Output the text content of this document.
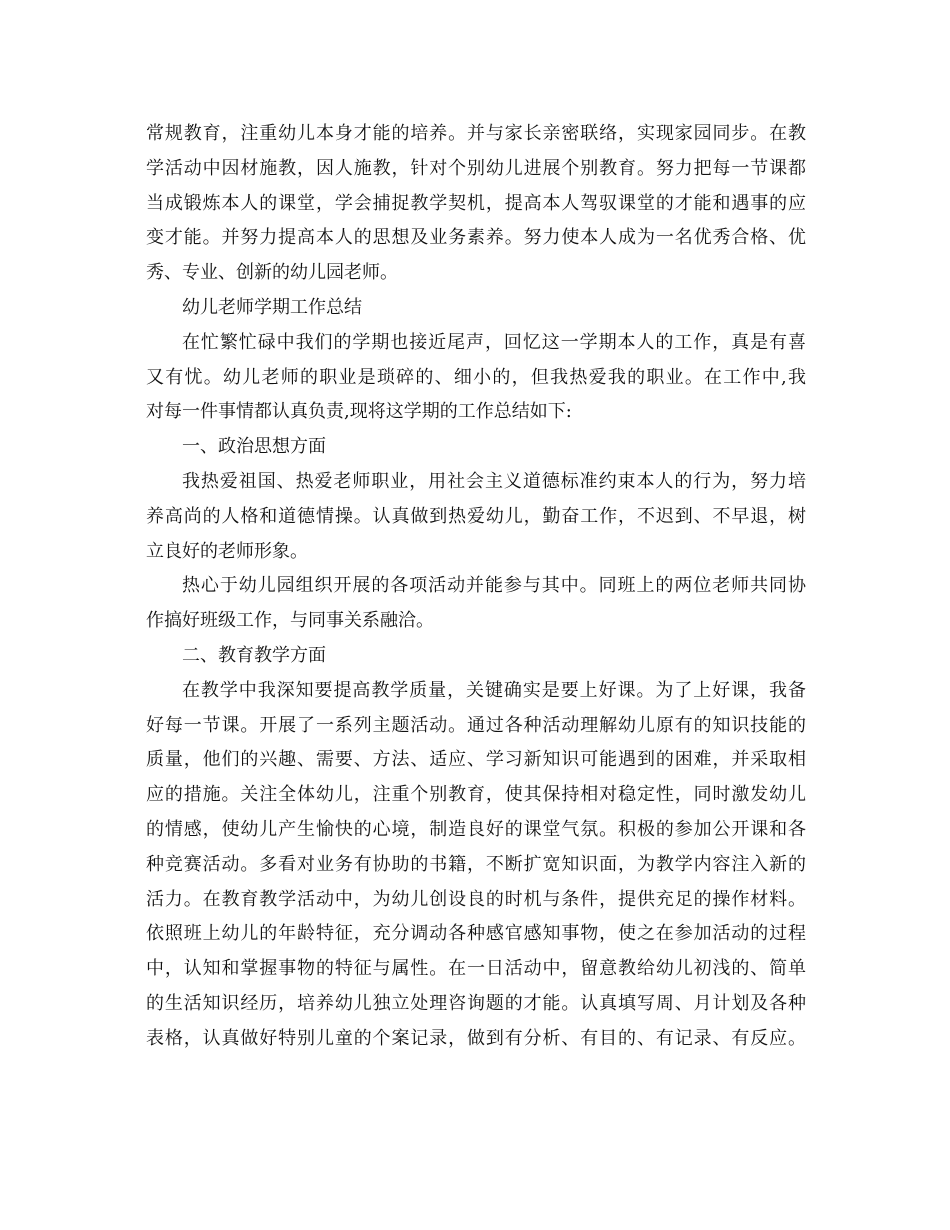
常规教育，注重幼儿本身才能的培养。并与家长亲密联络，实现家园同步。在教
学活动中因材施教，因人施教，针对个别幼儿进展个别教育。努力把每一节课都
当成锻炼本人的课堂，学会捕捉教学契机，提高本人驾驭课堂的才能和遇事的应
变才能。并努力提高本人的思想及业务素养。努力使本人成为一名优秀合格、优
秀、专业、创新的幼儿园老师。
幼儿老师学期工作总结
在忙繁忙碌中我们的学期也接近尾声，回忆这一学期本人的工作，真是有喜
又有忧。幼儿老师的职业是琐碎的、细小的，但我热爱我的职业。在工作中,我
对每一件事情都认真负责,现将这学期的工作总结如下:
一、政治思想方面
我热爱祖国、热爱老师职业，用社会主义道德标准约束本人的行为，努力培
养高尚的人格和道德情操。认真做到热爱幼儿，勤奋工作，不迟到、不早退，树
立良好的老师形象。
热心于幼儿园组织开展的各项活动并能参与其中。同班上的两位老师共同协
作搞好班级工作，与同事关系融洽。
二、教育教学方面
在教学中我深知要提高教学质量，关键确实是要上好课。为了上好课，我备
好每一节课。开展了一系列主题活动。通过各种活动理解幼儿原有的知识技能的
质量，他们的兴趣、需要、方法、适应、学习新知识可能遇到的困难，并采取相
应的措施。关注全体幼儿，注重个别教育，使其保持相对稳定性，同时激发幼儿
的情感，使幼儿产生愉快的心境，制造良好的课堂气氛。积极的参加公开课和各
种竞赛活动。多看对业务有协助的书籍，不断扩宽知识面，为教学内容注入新的
活力。在教育教学活动中，为幼儿创设良的时机与条件，提供充足的操作材料。
依照班上幼儿的年龄特征，充分调动各种感官感知事物，使之在参加活动的过程
中，认知和掌握事物的特征与属性。在一日活动中，留意教给幼儿初浅的、简单
的生活知识经历，培养幼儿独立处理咨询题的才能。认真填写周、月计划及各种
表格，认真做好特别儿童的个案记录，做到有分析、有目的、有记录、有反应。
